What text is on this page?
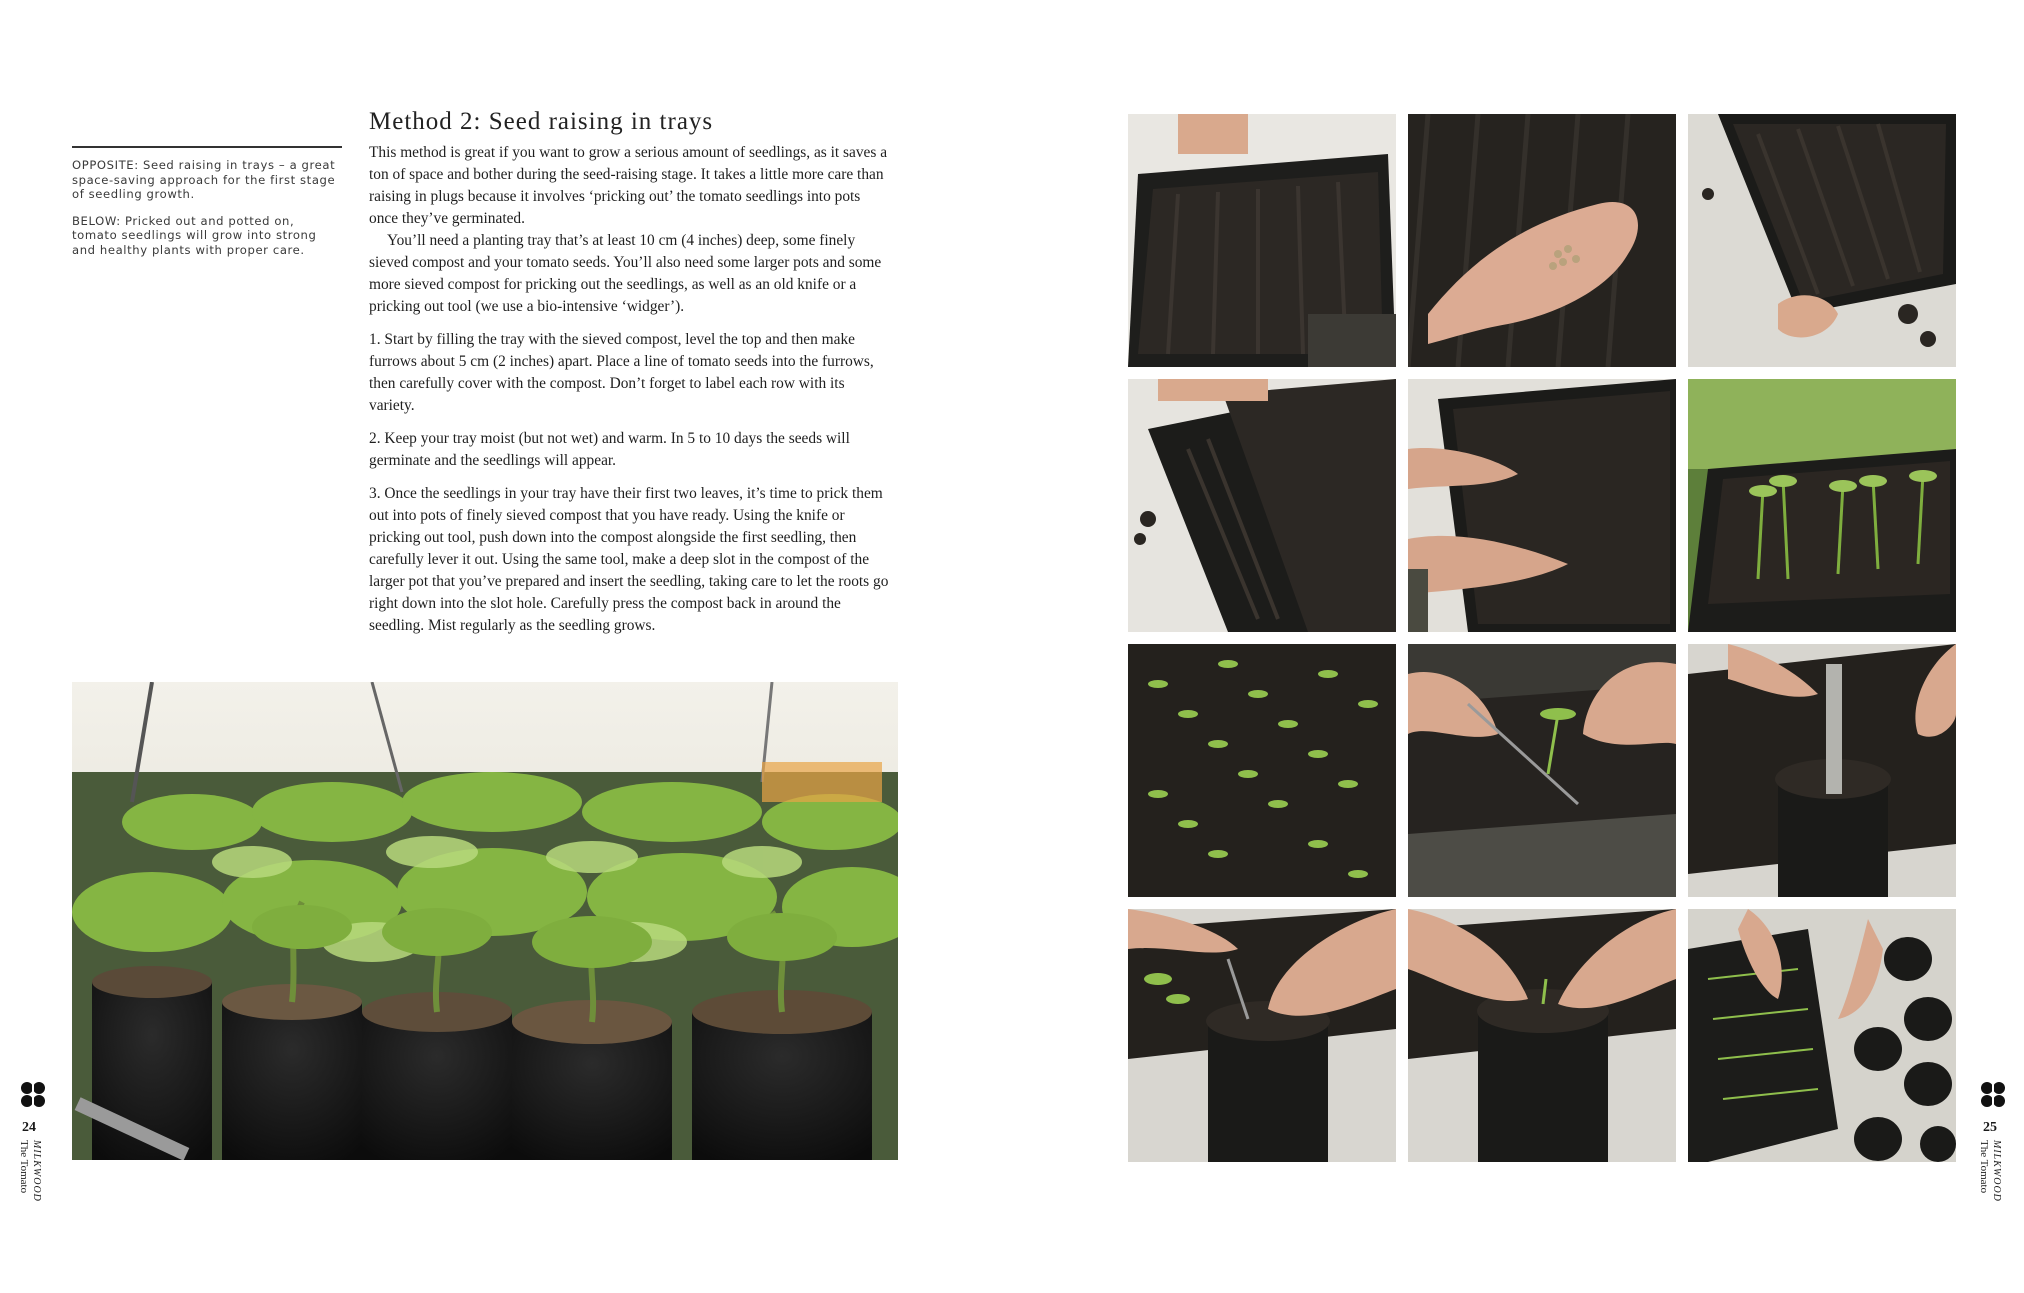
OPPOSITE: Seed raising in trays – a great space-saving approach for the first stage of seedling growth.

BELOW: Pricked out and potted on, tomato seedlings will grow into strong and healthy plants with proper care.

Method 2: Seed raising in trays

This method is great if you want to grow a serious amount of seedlings, as it saves a ton of space and bother during the seed-raising stage. It takes a little more care than raising in plugs because it involves ‘pricking out’ the tomato seedlings into pots once they’ve germinated.

You’ll need a planting tray that’s at least 10 cm (4 inches) deep, some finely sieved compost and your tomato seeds. You’ll also need some larger pots and some more sieved compost for pricking out the seedlings, as well as an old knife or a pricking out tool (we use a bio-intensive ‘widger’).

1. Start by filling the tray with the sieved compost, level the top and then make furrows about 5 cm (2 inches) apart. Place a line of tomato seeds into the furrows, then carefully cover with the compost. Don’t forget to label each row with its variety.

2. Keep your tray moist (but not wet) and warm. In 5 to 10 days the seeds will germinate and the seedlings will appear.

3. Once the seedlings in your tray have their first two leaves, it’s time to prick them out into pots of finely sieved compost that you have ready. Using the knife or pricking out tool, push down into the compost alongside the first seedling, then carefully lever it out. Using the same tool, make a deep slot in the compost of the larger pot that you’ve prepared and insert the seedling, taking care to let the roots go right down into the slot hole. Carefully press the compost back in around the seedling. Mist regularly as the seedling grows.

24
MILKWOOD
The Tomato
25
MILKWOOD
The Tomato
